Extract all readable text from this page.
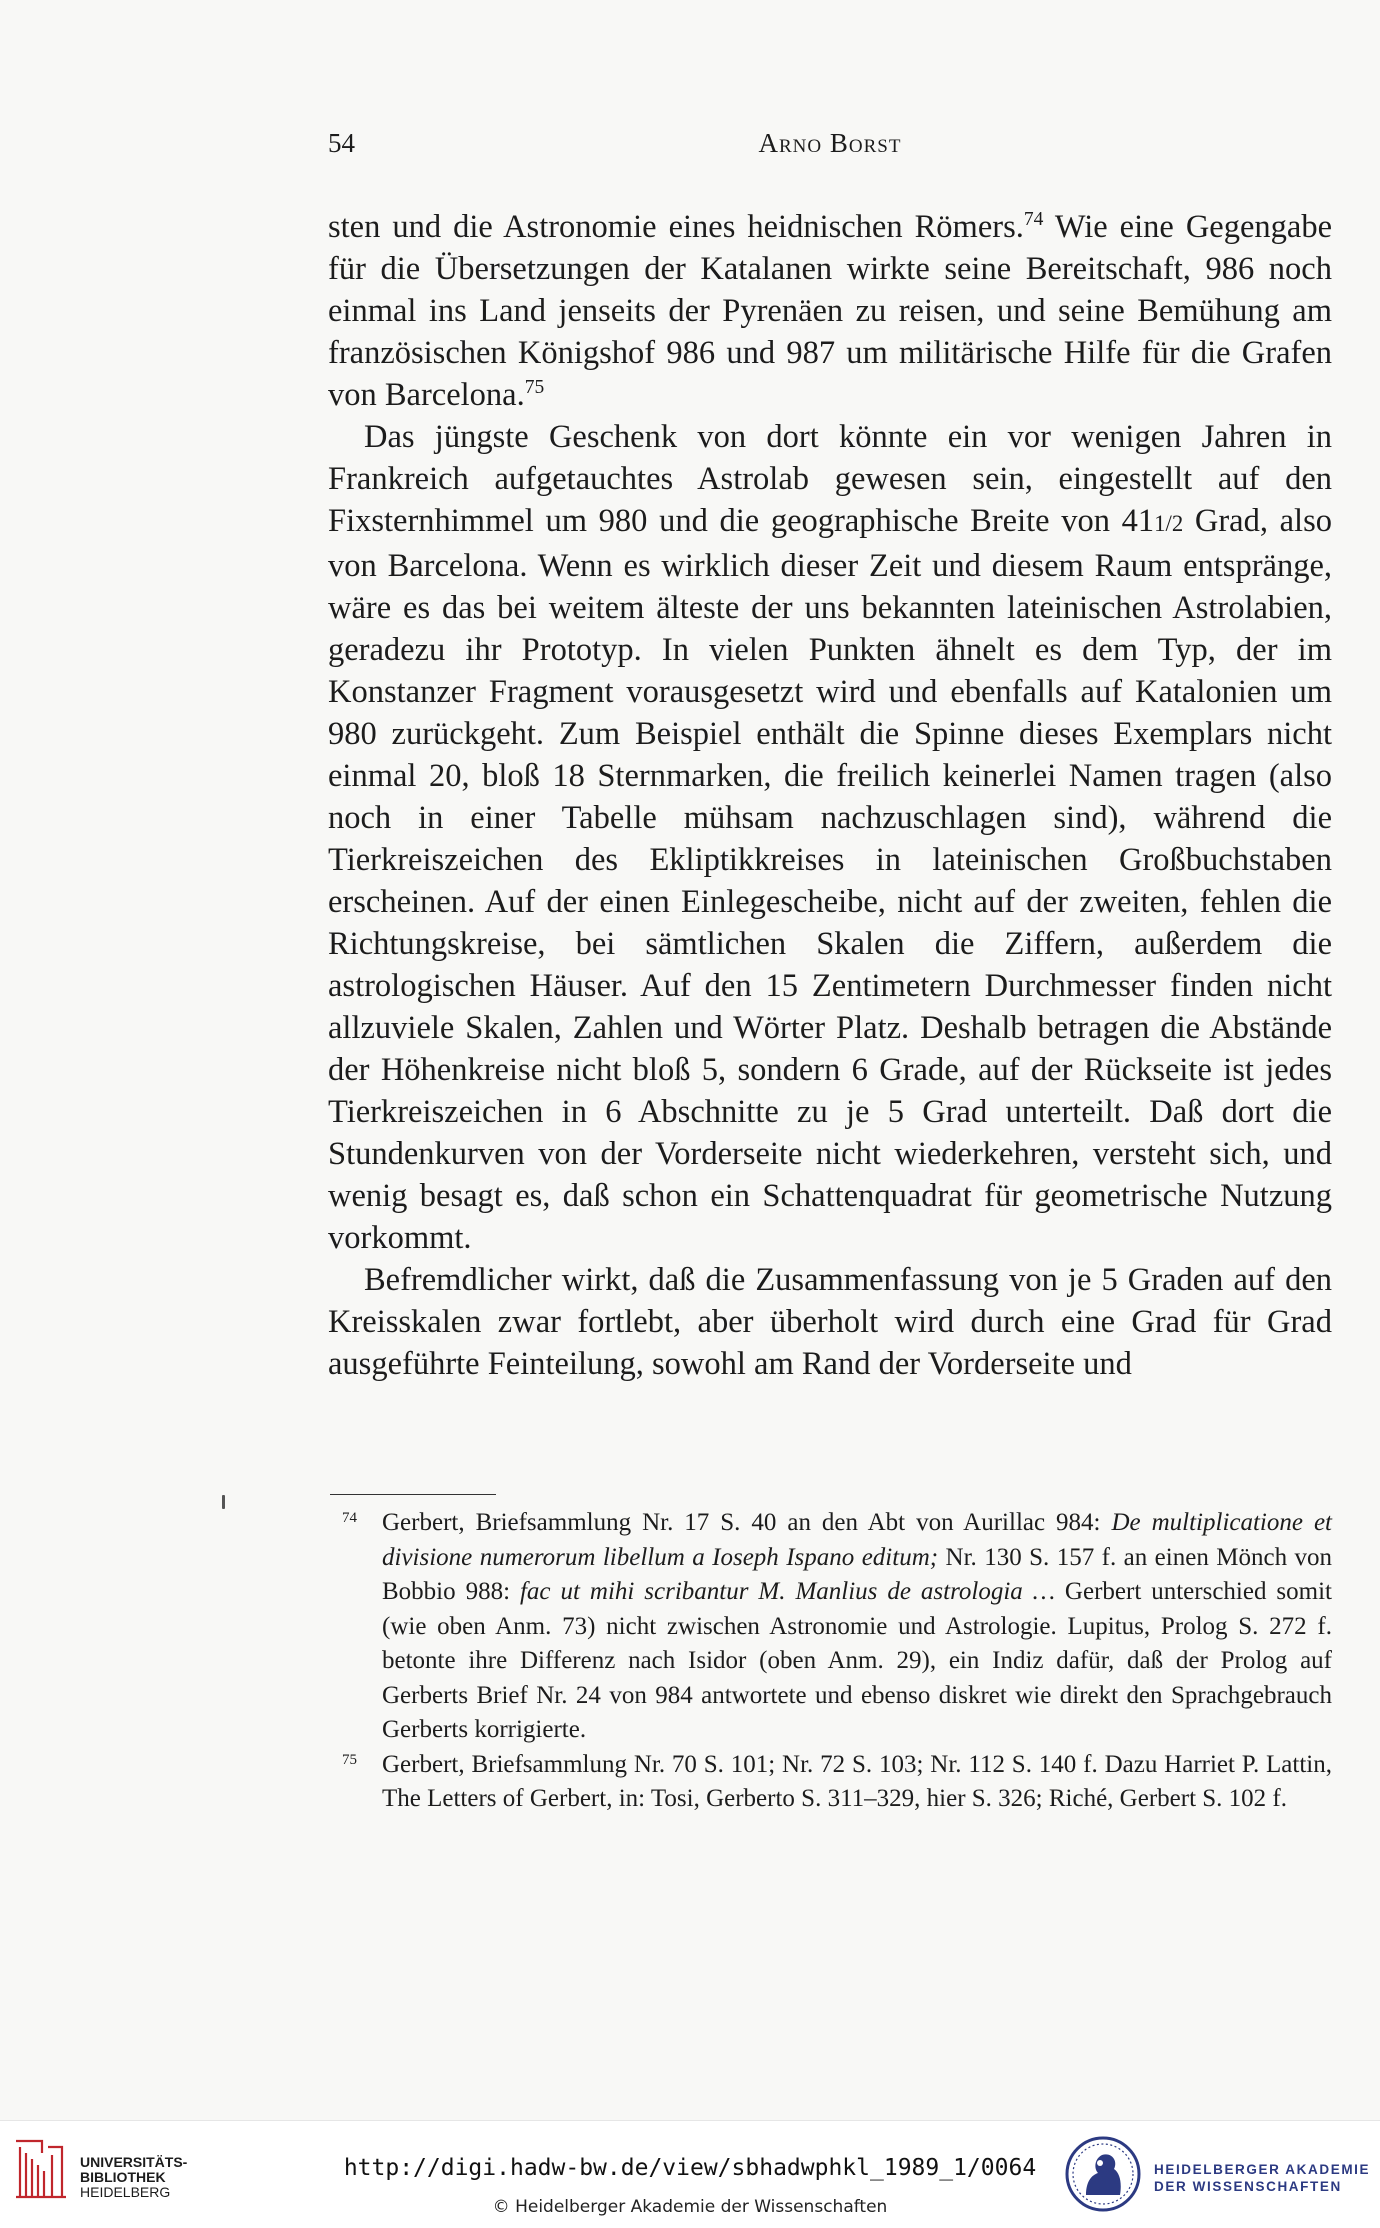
54	Arno Borst

sten und die Astronomie eines heidnischen Römers.$^{74}$ Wie eine Gegengabe für die Übersetzungen der Katalanen wirkte seine Bereitschaft, 986 noch einmal ins Land jenseits der Pyrenäen zu reisen, und seine Bemühung am französischen Königshof 986 und 987 um militärische Hilfe für die Grafen von Barcelona.$^{75}$

Das jüngste Geschenk von dort könnte ein vor wenigen Jahren in Frankreich aufgetauchtes Astrolab gewesen sein, eingestellt auf den Fixsternhimmel um 980 und die geographische Breite von 411/2 Grad, also von Barcelona. Wenn es wirklich dieser Zeit und diesem Raum entspränge, wäre es das bei weitem älteste der uns bekannten lateinischen Astrolabien, geradezu ihr Prototyp. In vielen Punkten ähnelt es dem Typ, der im Konstanzer Fragment vorausgesetzt wird und ebenfalls auf Katalonien um 980 zurückgeht. Zum Beispiel enthält die Spinne dieses Exemplars nicht einmal 20, bloß 18 Sternmarken, die freilich keinerlei Namen tragen (also noch in einer Tabelle mühsam nachzuschlagen sind), während die Tierkreiszeichen des Ekliptikkreises in lateinischen Großbuchstaben erscheinen. Auf der einen Einlegescheibe, nicht auf der zweiten, fehlen die Richtungskreise, bei sämtlichen Skalen die Ziffern, außerdem die astrologischen Häuser. Auf den 15 Zentimetern Durchmesser finden nicht allzuviele Skalen, Zahlen und Wörter Platz. Deshalb betragen die Abstände der Höhenkreise nicht bloß 5, sondern 6 Grade, auf der Rückseite ist jedes Tierkreiszeichen in 6 Abschnitte zu je 5 Grad unterteilt. Daß dort die Stundenkurven von der Vorderseite nicht wiederkehren, versteht sich, und wenig besagt es, daß schon ein Schattenquadrat für geometrische Nutzung vorkommt.

Befremdlicher wirkt, daß die Zusammenfassung von je 5 Graden auf den Kreisskalen zwar fortlebt, aber überholt wird durch eine Grad für Grad ausgeführte Feinteilung, sowohl am Rand der Vorderseite und

74 Gerbert, Briefsammlung Nr. 17 S. 40 an den Abt von Aurillac 984: De multiplicatione et divisione numerorum libellum a Ioseph Ispano editum; Nr. 130 S. 157 f. an einen Mönch von Bobbio 988: fac ut mihi scribantur M. Manlius de astrologia … Gerbert unterschied somit (wie oben Anm. 73) nicht zwischen Astronomie und Astrologie. Lupitus, Prolog S. 272 f. betonte ihre Differenz nach Isidor (oben Anm. 29), ein Indiz dafür, daß der Prolog auf Gerberts Brief Nr. 24 von 984 antwortete und ebenso diskret wie direkt den Sprachgebrauch Gerberts korrigierte.

75 Gerbert, Briefsammlung Nr. 70 S. 101; Nr. 72 S. 103; Nr. 112 S. 140 f. Dazu Harriet P. Lattin, The Letters of Gerbert, in: Tosi, Gerberto S. 311–329, hier S. 326; Riché, Gerbert S. 102 f.

UNIVERSITÄTS-
BIBLIOTHEK
HEIDELBERG
http://digi.hadw-bw.de/view/sbhadwphkl_1989_1/0064
© Heidelberger Akademie der Wissenschaften
HEIDELBERGER AKADEMIE
DER WISSENSCHAFTEN
